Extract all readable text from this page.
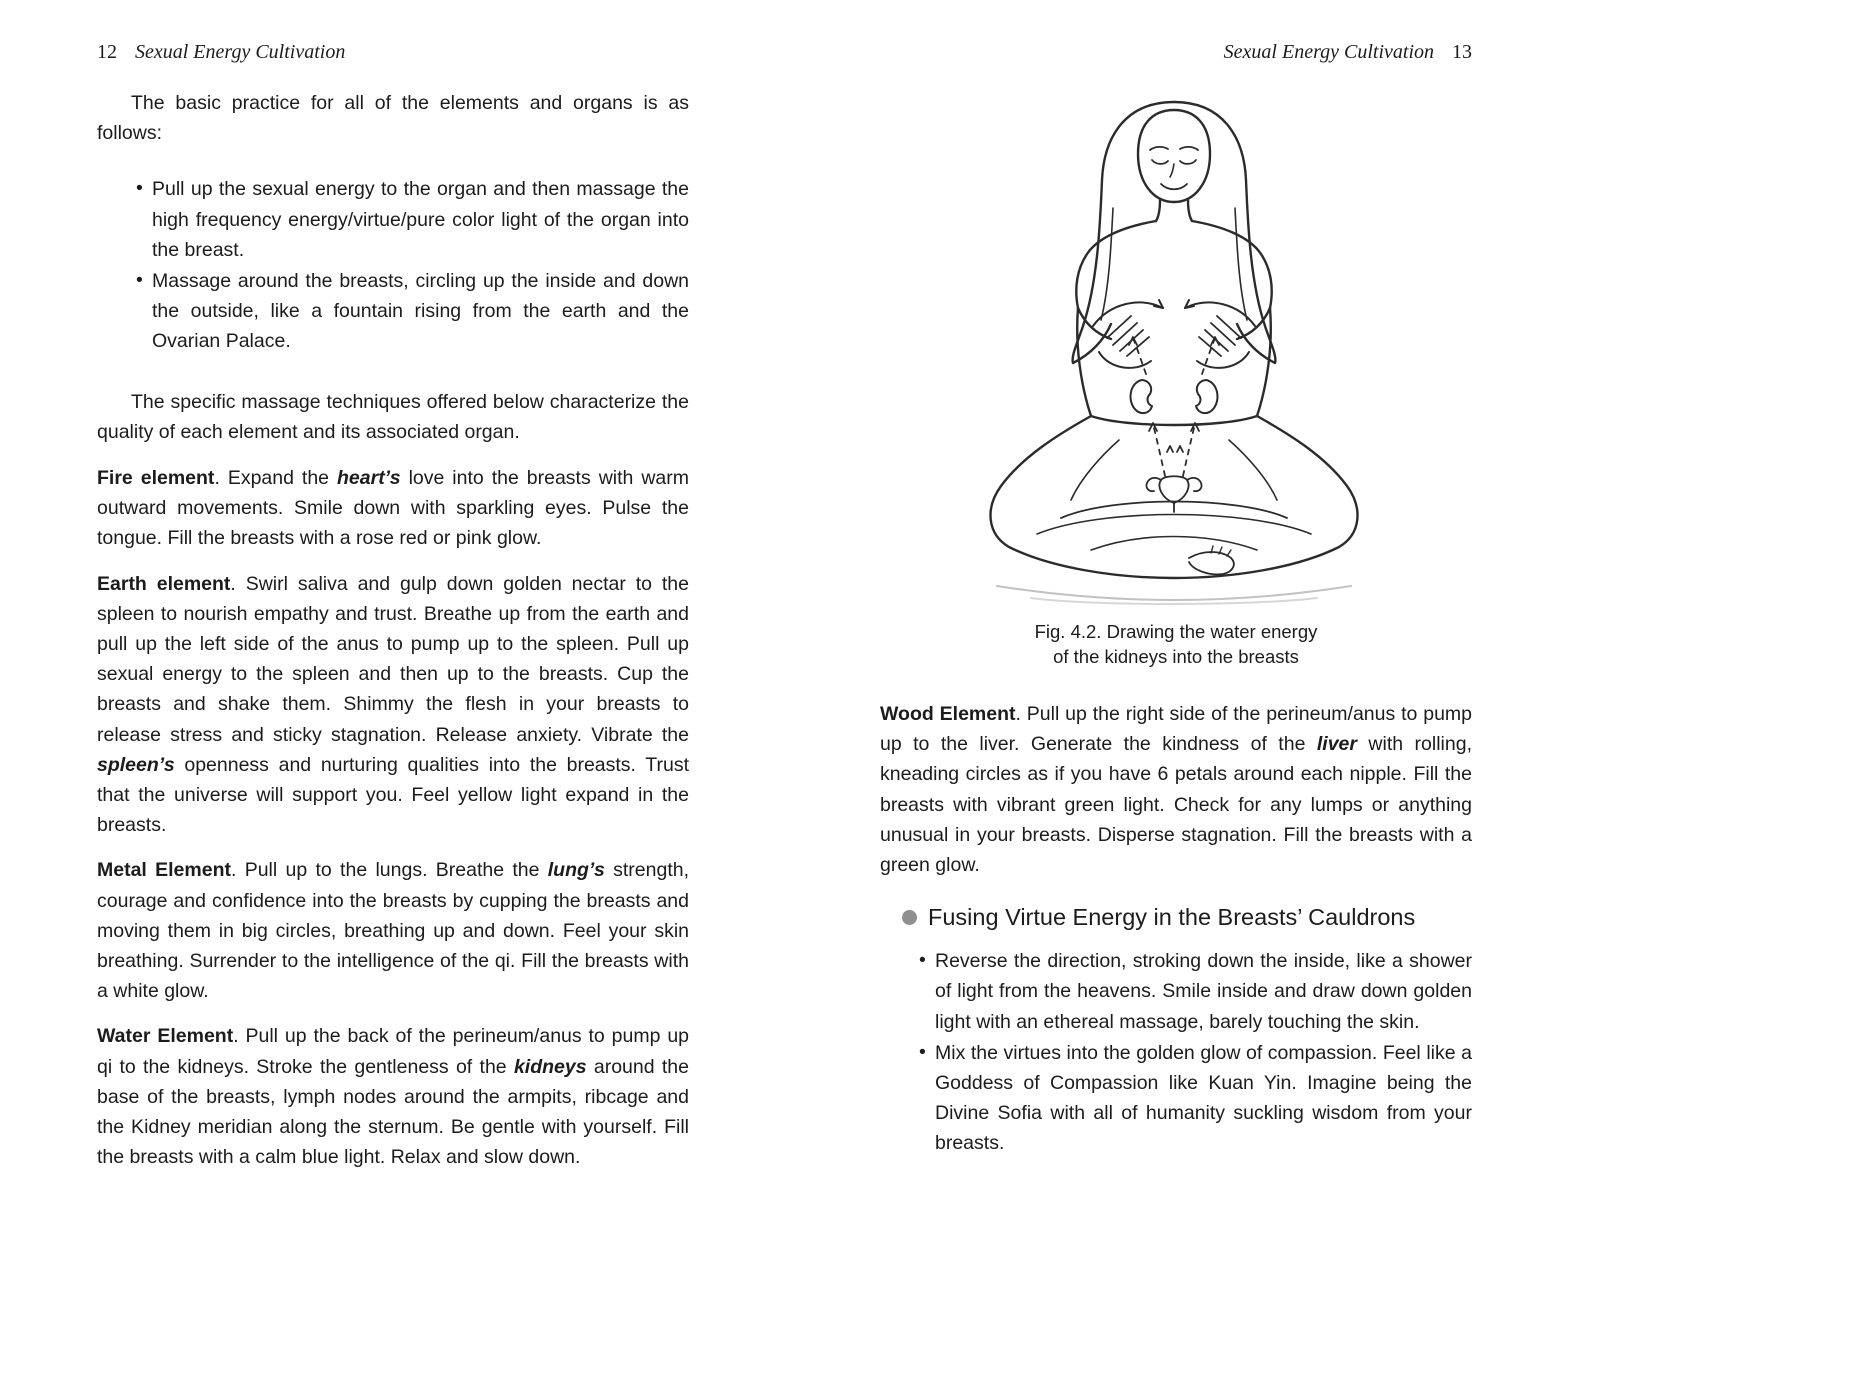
12 Sexual Energy Cultivation

The basic practice for all of the elements and organs is as follows:

• Pull up the sexual energy to the organ and then massage the high frequency energy/virtue/pure color light of the organ into the breast.
• Massage around the breasts, circling up the inside and down the outside, like a fountain rising from the earth and the Ovarian Palace.

The specific massage techniques offered below characterize the quality of each element and its associated organ.

Fire element. Expand the heart’s love into the breasts with warm outward movements. Smile down with sparkling eyes. Pulse the tongue. Fill the breasts with a rose red or pink glow.

Earth element. Swirl saliva and gulp down golden nectar to the spleen to nourish empathy and trust. Breathe up from the earth and pull up the left side of the anus to pump up to the spleen. Pull up sexual energy to the spleen and then up to the breasts. Cup the breasts and shake them. Shimmy the flesh in your breasts to release stress and sticky stagnation. Release anxiety. Vibrate the spleen’s openness and nurturing qualities into the breasts. Trust that the universe will support you. Feel yellow light expand in the breasts.

Metal Element. Pull up to the lungs. Breathe the lung’s strength, courage and confidence into the breasts by cupping the breasts and moving them in big circles, breathing up and down. Feel your skin breathing. Surrender to the intelligence of the qi. Fill the breasts with a white glow.

Water Element. Pull up the back of the perineum/anus to pump up qi to the kidneys. Stroke the gentleness of the kidneys around the base of the breasts, lymph nodes around the armpits, ribcage and the Kidney meridian along the sternum. Be gentle with yourself. Fill the breasts with a calm blue light. Relax and slow down.

Sexual Energy Cultivation 13
Fig. 4.2. Drawing the water energy
of the kidneys into the breasts

Wood Element. Pull up the right side of the perineum/anus to pump up to the liver. Generate the kindness of the liver with rolling, kneading circles as if you have 6 petals around each nipple. Fill the breasts with vibrant green light. Check for any lumps or anything unusual in your breasts. Disperse stagnation. Fill the breasts with a green glow.

Fusing Virtue Energy in the Breasts’ Cauldrons
• Reverse the direction, stroking down the inside, like a shower of light from the heavens. Smile inside and draw down golden light with an ethereal massage, barely touching the skin.
• Mix the virtues into the golden glow of compassion. Feel like a Goddess of Compassion like Kuan Yin. Imagine being the Divine Sofia with all of humanity suckling wisdom from your breasts.
